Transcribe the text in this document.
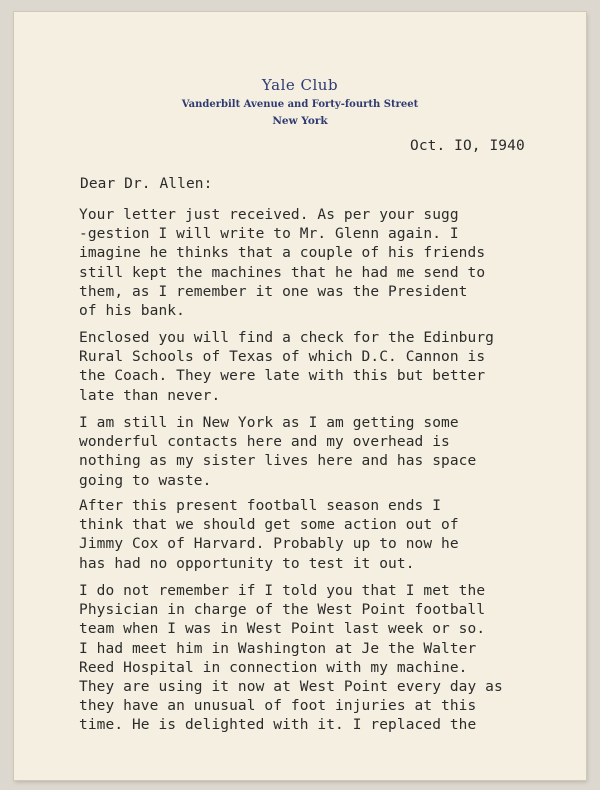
Yale Club
Vanderbilt Avenue and Forty-fourth Street
New York
Oct. IO, I940
Dear Dr. Allen:
Your letter just received. As per your sugg
-gestion I will write to Mr. Glenn again. I
imagine he thinks that a couple of his friends
still kept the machines that he had me send to
them, as I remember it one was the President
of his bank.
Enclosed you will find a check for the Edinburg
Rural Schools of Texas of which D.C. Cannon is
the Coach. They were late with this but better
late than never.
I am still in New York as I am getting some
wonderful contacts here and my overhead is
nothing as my sister lives here and has space
going to waste.
After this present football season ends I
think that we should get some action out of
Jimmy Cox of Harvard. Probably up to now he
has had no opportunity to test it out.
I do not remember if I told you that I met the
Physician in charge of the West Point football
team when I was in West Point last week or so.
I had meet him in Washington at Je the Walter
Reed Hospital in connection with my machine.
They are using it now at West Point every day as
they have an unusual of foot injuries at this
time. He is delighted with it. I replaced the
